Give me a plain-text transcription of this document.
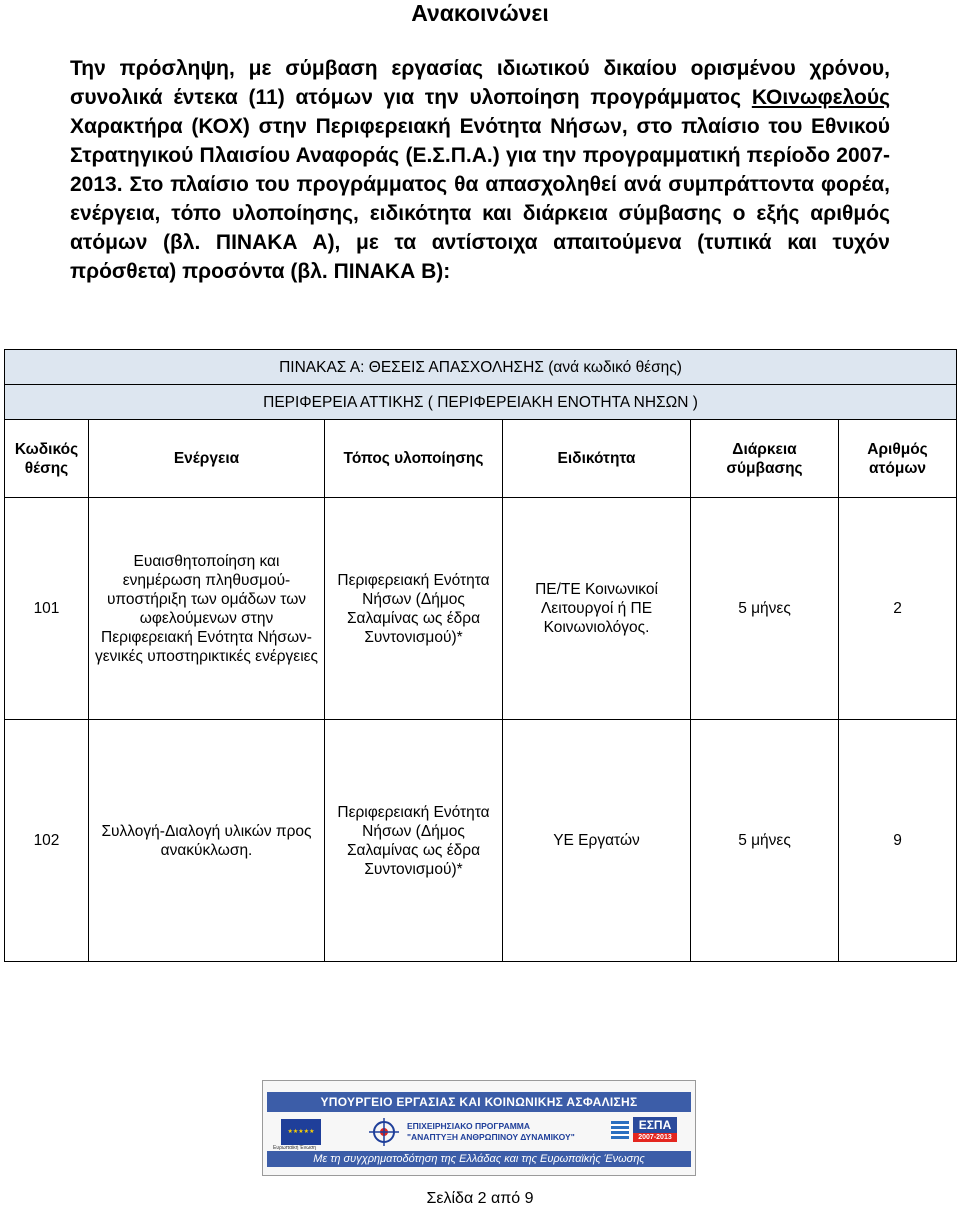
Ανακοινώνει
Την πρόσληψη, με σύμβαση εργασίας ιδιωτικού δικαίου ορισμένου χρόνου, συνολικά έντεκα (11) ατόμων για την υλοποίηση προγράμματος ΚΟινωφελούς Χαρακτήρα (ΚΟΧ) στην Περιφερειακή Ενότητα Νήσων, στο πλαίσιο του Εθνικού Στρατηγικού Πλαισίου Αναφοράς (Ε.Σ.Π.Α.) για την προγραμματική περίοδο 2007-2013. Στο πλαίσιο του προγράμματος θα απασχοληθεί ανά συμπράττοντα φορέα, ενέργεια, τόπο υλοποίησης, ειδικότητα και διάρκεια σύμβασης ο εξής αριθμός ατόμων (βλ. ΠΙΝΑΚΑ Α), με τα αντίστοιχα απαιτούμενα (τυπικά και τυχόν πρόσθετα) προσόντα (βλ. ΠΙΝΑΚΑ Β):
ΠΙΝΑΚΑΣ Α: ΘΕΣΕΙΣ ΑΠΑΣΧΟΛΗΣΗΣ (ανά κωδικό θέσης)					
ΠΕΡΙΦΕΡΕΙΑ ΑΤΤΙΚΗΣ ( ΠΕΡΙΦΕΡΕΙΑΚΗ ΕΝΟΤΗΤΑ ΝΗΣΩΝ )					
Κωδικός θέσης	Ενέργεια	Τόπος υλοποίησης	Ειδικότητα	Διάρκεια σύμβασης	Αριθμός ατόμων
101	Ευαισθητοποίηση και ενημέρωση πληθυσμού-υποστήριξη των ομάδων των ωφελούμενων στην Περιφερειακή Ενότητα Νήσων-γενικές υποστηρικτικές ενέργειες	Περιφερειακή Ενότητα Νήσων (Δήμος Σαλαμίνας ως έδρα Συντονισμού)*	ΠΕ/ΤΕ Κοινωνικοί Λειτουργοί ή ΠΕ Κοινωνιολόγος.	5 μήνες	2
102	Συλλογή-Διαλογή υλικών προς ανακύκλωση.	Περιφερειακή Ενότητα Νήσων (Δήμος Σαλαμίνας ως έδρα Συντονισμού)*	ΥΕ Εργατών	5 μήνες	9
ΥΠΟΥΡΓΕΙΟ ΕΡΓΑΣΙΑΣ ΚΑΙ ΚΟΙΝΩΝΙΚΗΣ ΑΣΦΑΛΙΣΗΣ
★★★★★
Ευρωπαϊκή Ένωση
ΕΠΙΧΕΙΡΗΣΙΑΚΟ ΠΡΟΓΡΑΜΜΑ
"ΑΝΑΠΤΥΞΗ ΑΝΘΡΩΠΙΝΟΥ ΔΥΝΑΜΙΚΟΥ"
ΕΣΠΑ
2007-2013
Με τη συγχρηματοδότηση της Ελλάδας και της Ευρωπαϊκής Ένωσης
Σελίδα 2 από 9
